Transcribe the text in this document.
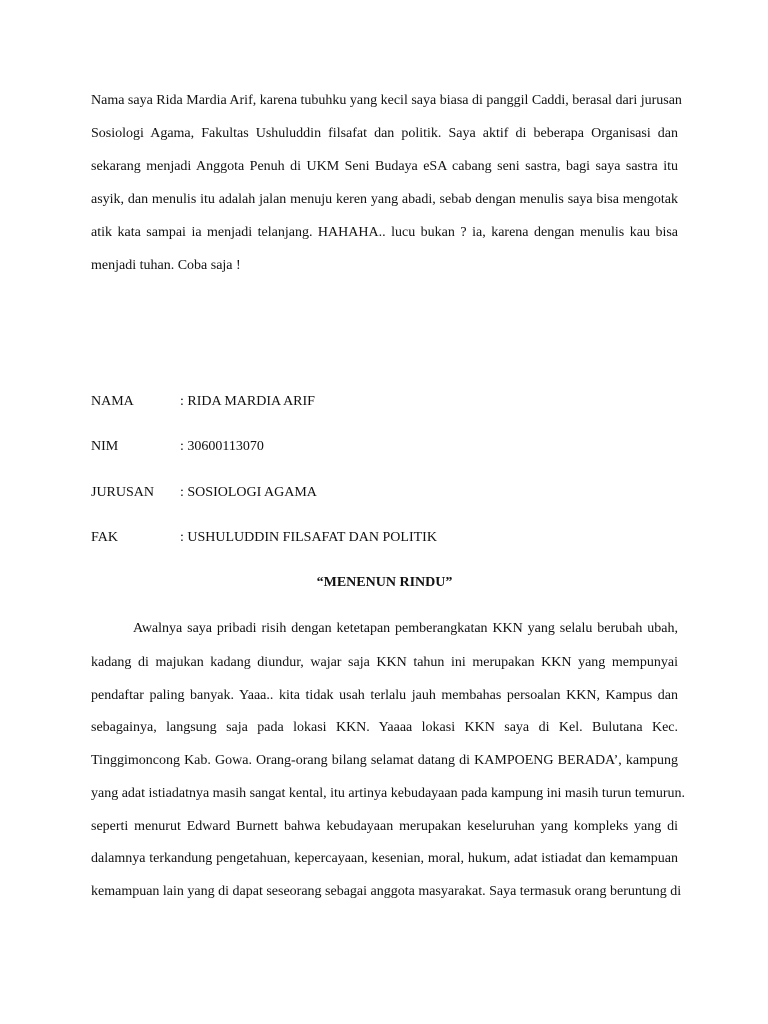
Nama saya Rida Mardia Arif, karena tubuhku yang kecil saya biasa di panggil Caddi, berasal dari jurusan
Sosiologi Agama, Fakultas Ushuluddin filsafat dan politik. Saya aktif di beberapa Organisasi dan
sekarang menjadi Anggota Penuh di UKM Seni Budaya eSA cabang seni sastra, bagi saya sastra itu
asyik, dan menulis itu adalah jalan menuju keren yang abadi, sebab dengan menulis saya bisa mengotak
atik kata sampai ia menjadi telanjang. HAHAHA.. lucu bukan ? ia, karena dengan menulis kau bisa
menjadi tuhan. Coba saja !
NAMA	: RIDA MARDIA ARIF
NIM	: 30600113070
JURUSAN : SOSIOLOGI AGAMA
FAK	: USHULUDDIN FILSAFAT DAN POLITIK
“MENENUN RINDU”
Awalnya saya pribadi risih dengan ketetapan pemberangkatan KKN yang selalu berubah ubah,
kadang di majukan kadang diundur, wajar saja KKN tahun ini merupakan KKN yang mempunyai
pendaftar paling banyak. Yaaa.. kita tidak usah terlalu jauh membahas persoalan KKN, Kampus dan
sebagainya, langsung saja pada lokasi KKN. Yaaaa lokasi KKN saya di Kel. Bulutana Kec.
Tinggimoncong Kab. Gowa. Orang-orang bilang selamat datang di KAMPOENG BERADA’, kampung
yang adat istiadatnya masih sangat kental, itu artinya kebudayaan pada kampung ini masih turun temurun.
seperti menurut Edward Burnett bahwa kebudayaan merupakan keseluruhan yang kompleks yang di
dalamnya terkandung pengetahuan, kepercayaan, kesenian, moral, hukum, adat istiadat dan kemampuan
kemampuan lain yang di dapat seseorang sebagai anggota masyarakat. Saya termasuk orang beruntung di
